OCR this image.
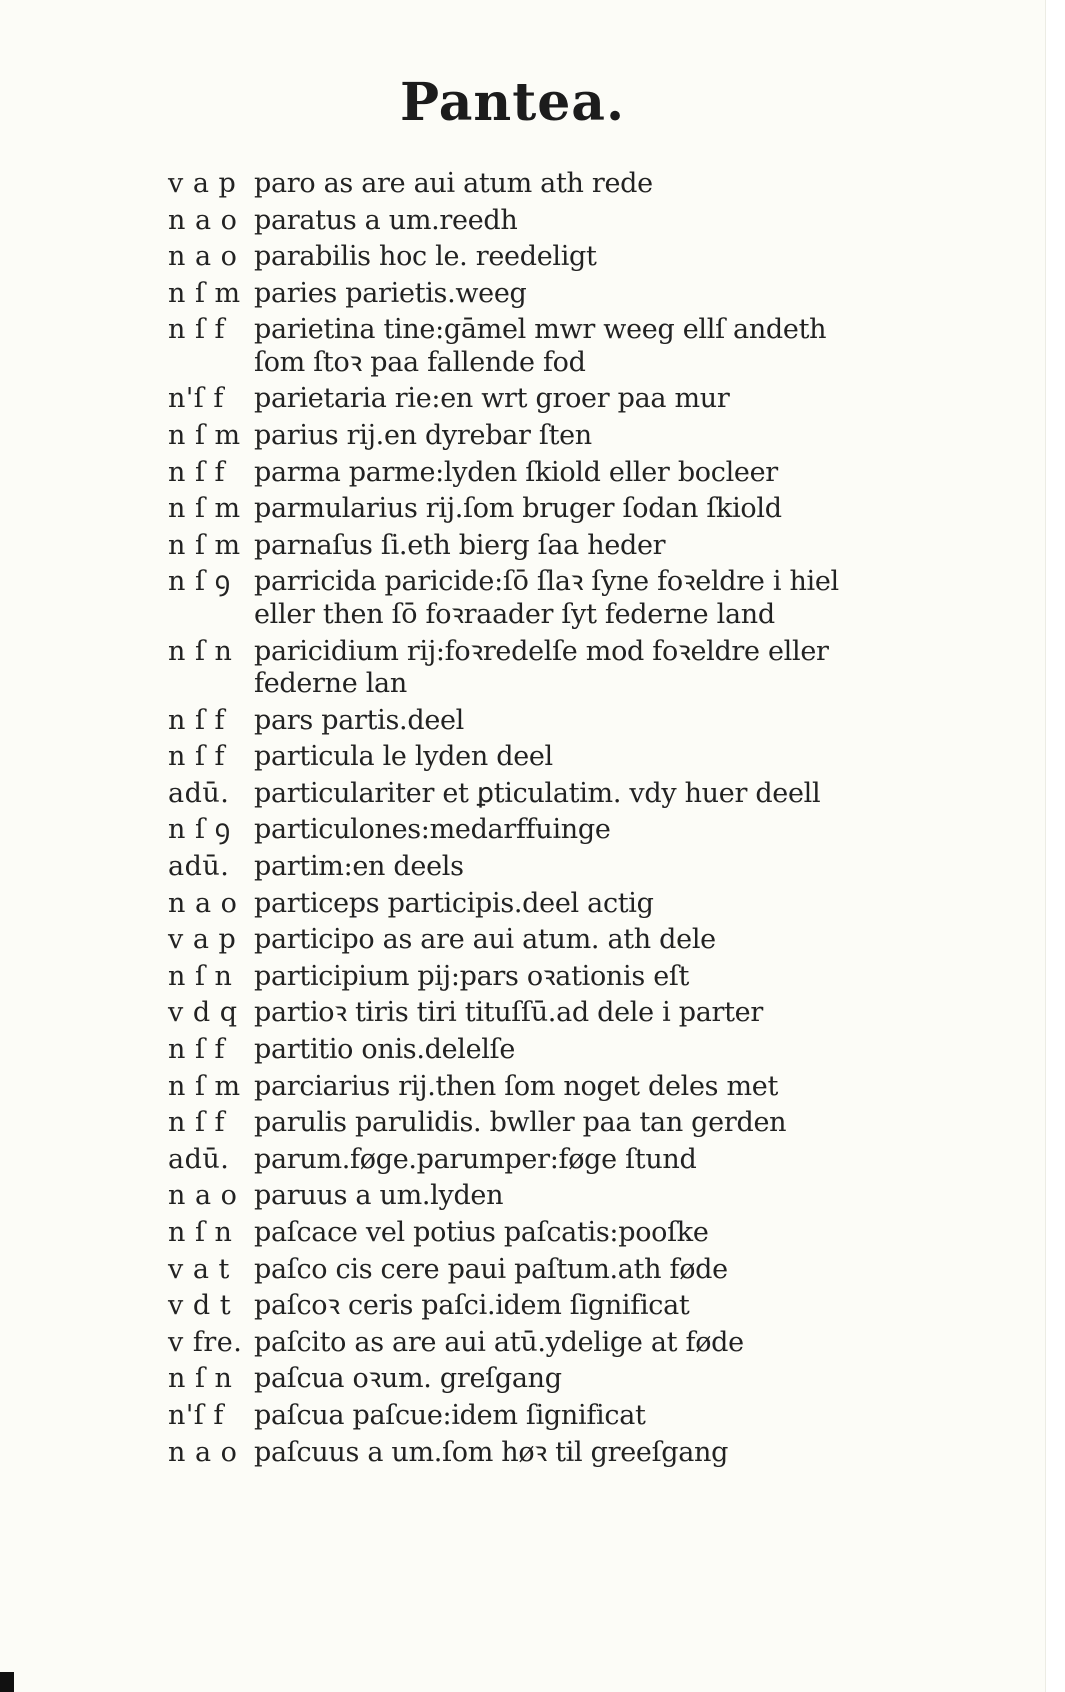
Pantea.
v a p paro as are aui atum ath rede
n a o paratus a um.reedh
n a o parabilis hoc le. reedeligt
n ſ m paries parietis.weeg
n ſ f	parietina tine:gāmel mwr weeg ellſ andeth
ſom ſtoꝛ paa fallende fod
n'ſ f	parietaria rie:en wrt groer paa mur
n ſ m parius rij.en dyrebar ſten
n ſ f	parma parme:lyden ſkiold eller bocleer
n ſ m parmularius rij.ſom bruger ſodan ſkiold
n ſ m parnaſus ſi.eth bierg ſaa heder
n ſ ꝯ parricida paricide:ſō ſlaꝛ ſyne foꝛeldre i hiel
eller then ſō foꝛraader ſyt federne land
n ſ n paricidium rij:foꝛredelſe mod foꝛeldre eller
federne lan
n ſ f	pars partis.deel
n ſ f	particula le lyden deel
adū. particulariter et ꝑticulatim. vdy huer deell
n ſ ꝯ particulones:medarffuinge
adū. partim:en deels
n a o particeps participis.deel actig
v a p participo as are aui atum. ath dele
n ſ n participium pij:pars oꝛationis eſt
v d q partioꝛ tiris tiri tituſſū.ad dele i parter
n ſ f	partitio onis.delelſe
n ſ m parciarius rij.then ſom noget deles met
n ſ f	parulis parulidis. bwller paa tan gerden
adū. parum.føge.parumper:føge ſtund
n a o paruus a um.lyden
n ſ n paſcace vel potius paſcatis:pooſke
v a t paſco cis cere paui paſtum.ath føde
v d t paſcoꝛ ceris paſci.idem ſignificat
v fre. paſcito as are aui atū.ydelige at føde
n ſ n paſcua oꝛum. greſgang
n'ſ f	paſcua paſcue:idem ſignificat
n a o paſcuus a um.ſom høꝛ til greeſgang
